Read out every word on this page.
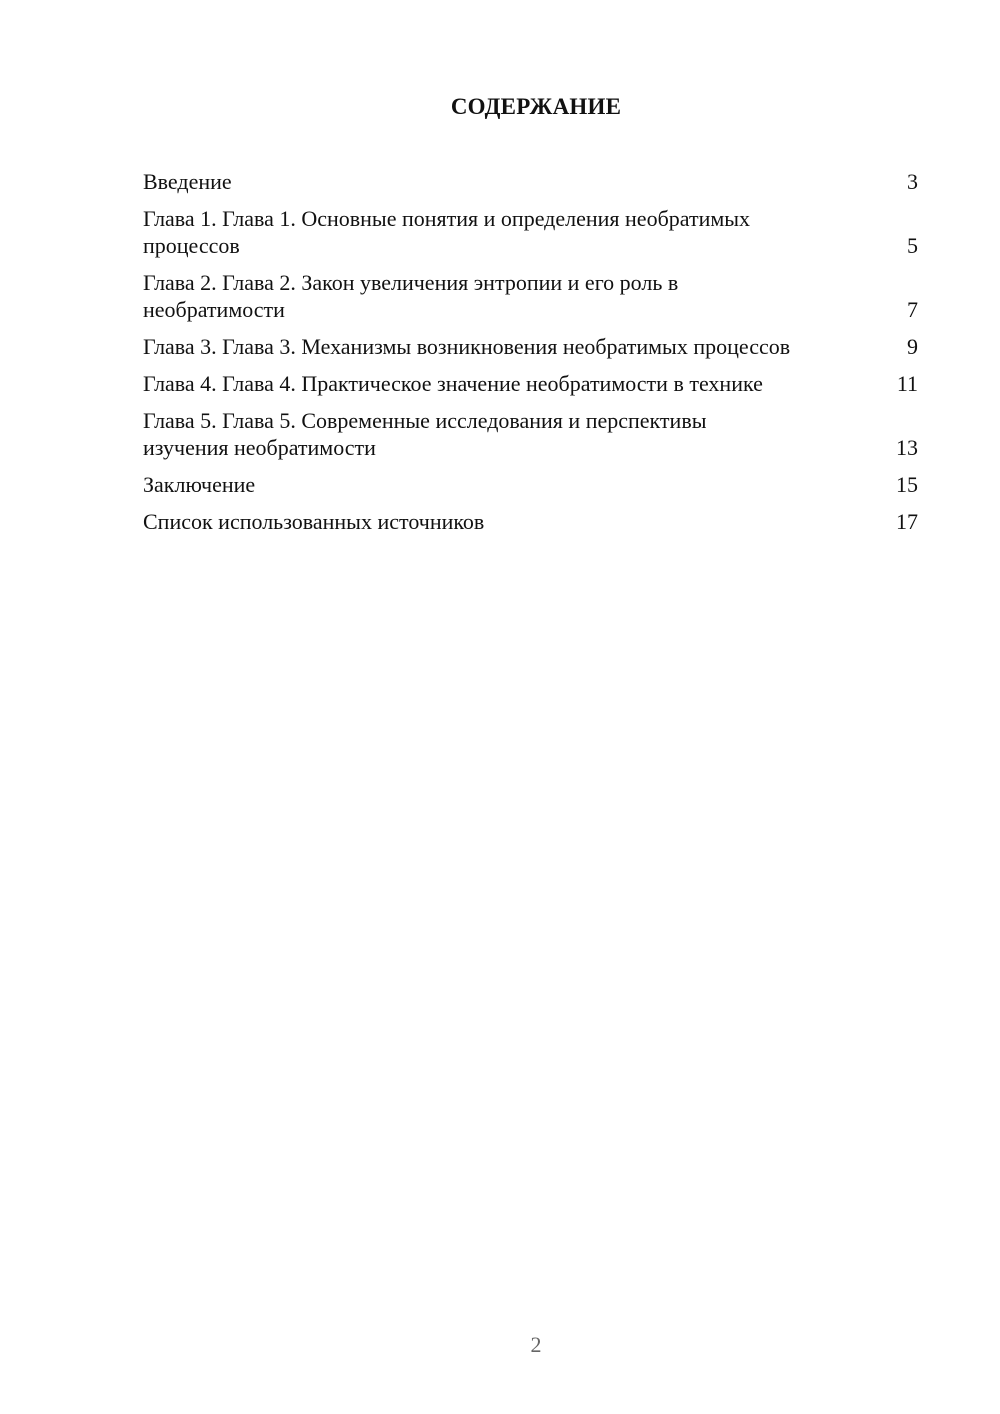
СОДЕРЖАНИЕ
Введение	3
Глава 1. Глава 1. Основные понятия и определения необратимых процессов	5
Глава 2. Глава 2. Закон увеличения энтропии и его роль в необратимости	7
Глава 3. Глава 3. Механизмы возникновения необратимых процессов	9
Глава 4. Глава 4. Практическое значение необратимости в технике	11
Глава 5. Глава 5. Современные исследования и перспективы изучения необратимости	13
Заключение	15
Список использованных источников	17
2
